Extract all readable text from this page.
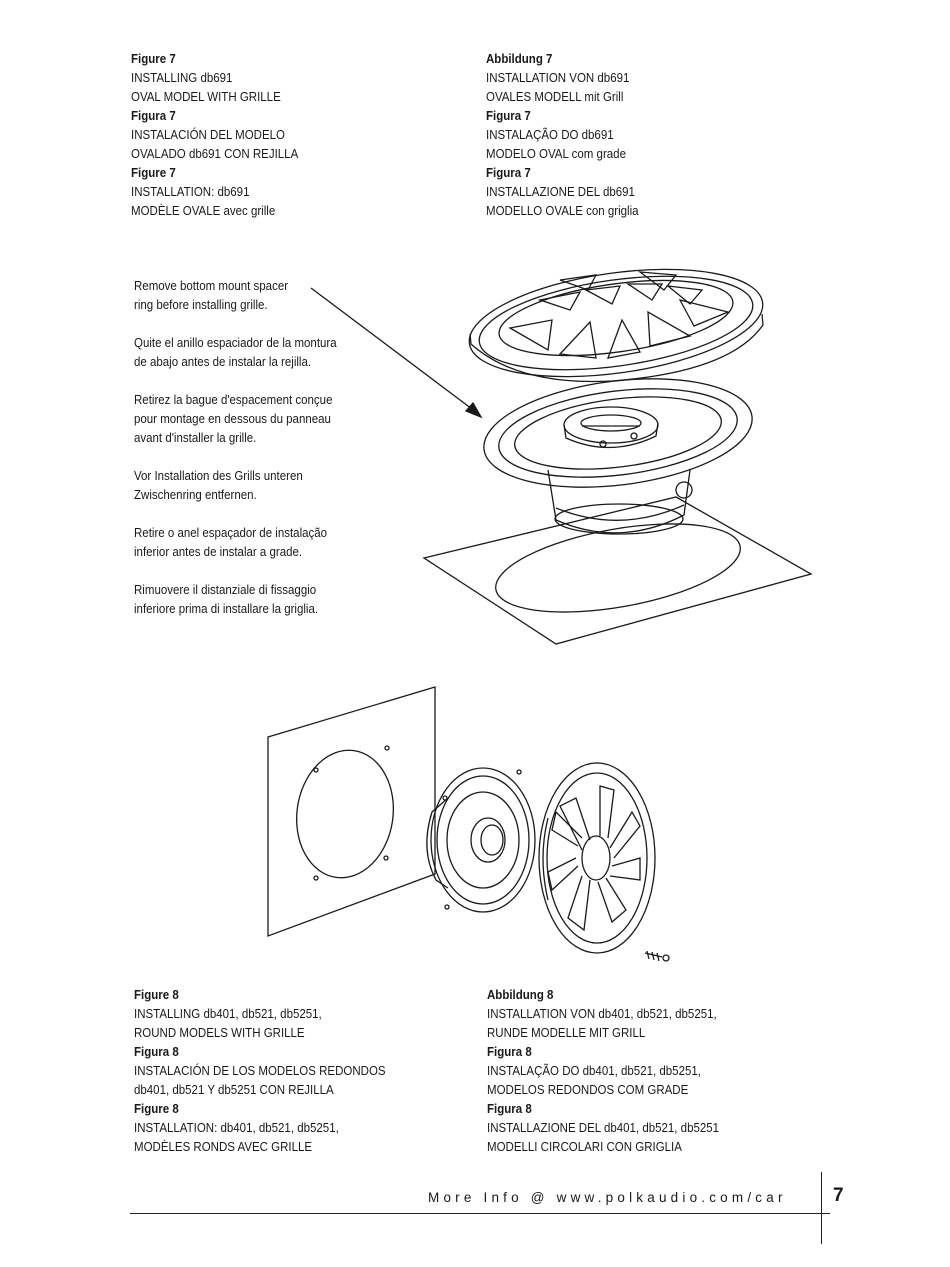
Figure 7
INSTALLING db691
OVAL MODEL WITH GRILLE
Figura 7
INSTALACIÓN DEL MODELO
OVALADO db691 CON REJILLA
Figure 7
INSTALLATION: db691
MODÈLE OVALE avec grille
Abbildung 7
INSTALLATION VON db691
OVALES MODELL mit Grill
Figura 7
INSTALAÇÃO DO db691
MODELO OVAL com grade
Figura 7
INSTALLAZIONE DEL db691
MODELLO OVALE con griglia
Remove bottom mount spacer
ring before installing grille.
Quite el anillo espaciador de la montura
de abajo antes de instalar la rejilla.
Retirez la bague d'espacement conçue
pour montage en dessous du panneau
avant d'installer la grille.
Vor Installation des Grills unteren
Zwischenring entfernen.
Retire o anel espaçador de instalação
inferior antes de instalar a grade.
Rimuovere il distanziale di fissaggio
inferiore prima di installare la griglia.
Figure 8
INSTALLING db401, db521, db5251,
ROUND MODELS WITH GRILLE
Figura 8
INSTALACIÓN DE LOS MODELOS REDONDOS
db401, db521 Y db5251 CON REJILLA
Figure 8
INSTALLATION: db401, db521, db5251,
MODÈLES RONDS AVEC GRILLE
Abbildung 8
INSTALLATION VON db401, db521, db5251,
RUNDE MODELLE MIT GRILL
Figura 8
INSTALAÇÃO DO db401, db521, db5251,
MODELOS REDONDOS COM GRADE
Figura 8
INSTALLAZIONE DEL db401, db521, db5251
MODELLI CIRCOLARI CON GRIGLIA
More Info @ www.polkaudio.com/car 7
